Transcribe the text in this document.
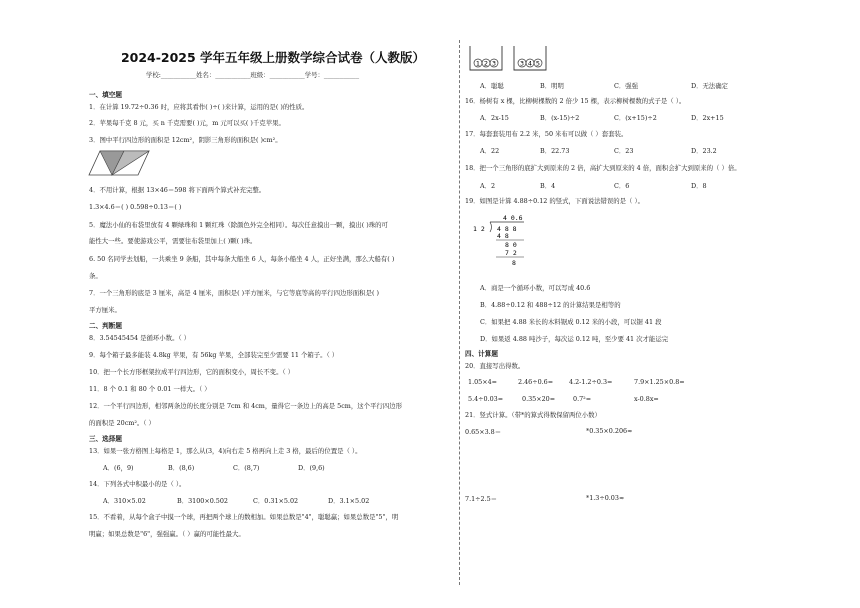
2024-2025 学年五年级上册数学综合试卷（人教版）
学校:___________姓名：___________班级：___________学号：___________
一、填空题
1．在计算 19.72÷0.36 时，应将其看作( )÷( )来计算，运用的是( )的性质。
2．苹果每千克 8 元，买 n 千克需要( )元，m 元可以买( )千克苹果。
3．图中平行四边形的面积是 12cm²，阴影三角形的面积是( )cm²。
4．不用计算，根据 13×46＝598 将下面两个算式补充完整。
1.3×4.6＝( ) 0.598÷0.13＝( )
5．魔法小仙的布袋里放有 4 颗绿珠和 1 颗红珠（除颜色外完全相同）。每次任意摸出一颗，摸出( )珠的可
能性大一些。要使游戏公平，需要往布袋里加上( )颗( )珠。
6. 50 名同学去划船，一共乘坐 9 条船，其中每条大船坐 6 人，每条小船坐 4 人，正好坐满，那么大船有( )
条。
7．一个三角形的底是 3 厘米，高是 4 厘米，面积是( )平方厘米，与它等底等高的平行四边形面积是( )
平方厘米。
二、判断题
8．3.54545454 是循环小数。（ ）
9．每个箱子最多能装 4.8kg 苹果，有 56kg 苹果，全部装完至少需要 11 个箱子。（ ）
10．把一个长方形框架拉成平行四边形，它的面积变小，周长不变。（ ）
11．8 个 0.1 和 80 个 0.01 一样大。（ ）
12．一个平行四边形，相邻两条边的长度分别是 7cm 和 4cm，量得它一条边上的高是 5cm，这个平行四边形
的面积是 20cm²。（ ）
三、选择题
13．如果一张方格图上每格是 1，那么从(3，4)向右走 5 格再向上走 3 格，最后的位置是（ ）。
A．(6，9)	B．(8,6)	C．(8,7)	D．(9,6)
14．下列各式中积最小的是（ ）。
A．310×5.02	B．3100×0.502	C．0.31×5.02	D．3.1×5.02
15．不看着，从每个盒子中摸一个球，再把两个球上的数相加。如果总数是"4"，聪聪赢；如果总数是"5"，明
明赢；如果总数是"6"，强强赢。（ ）赢的可能性最大。
1 2 3	3 4 5
A．聪聪	B．明明	C．强强	D．无法确定
16．杨树有 x 棵，比柳树棵数的 2 倍少 15 棵，表示柳树棵数的式子是（ ）。
A．2x-15	B．(x-15)÷2	C．(x+15)÷2	D．2x+15
17．每套套装用布 2.2 米，50 米布可以做（ ）套套装。
A．22	B．22.73	C．23	D．23.2
18．把一个三角形的底扩大到原来的 2 倍，高扩大到原来的 4 倍，面积会扩大到原来的（ ）倍。
A．2	B．4	C．6	D．8
19．如图是计算 4.88÷0.12 的竖式，下面说法错误的是（ ）。
4 0.6
1 2 4 8 8
4 8
8 0
7 2
8
A．商是一个循环小数，可以写成 40.6̇
B．4.88÷0.12 和 488÷12 的计算结果是相等的
C．如果把 4.88 米长的木料锯成 0.12 米的小段，可以锯 41 段
D．如果返 4.88 吨沙子，每次运 0.12 吨，至少要 41 次才能运完
四、计算题
20．直接写出得数。
1.05×4=	2.46÷0.6= 4.2-1.2÷0.3=	7.9×1.25×0.8=
5.4÷0.03=	0.35×20=	0.7²=	x-0.8x=
21．竖式计算。（带*的算式得数保留两位小数）
0.65×3.8＝	*0.35×0.206≈
7.1÷2.5＝	*1.3÷0.03≈
